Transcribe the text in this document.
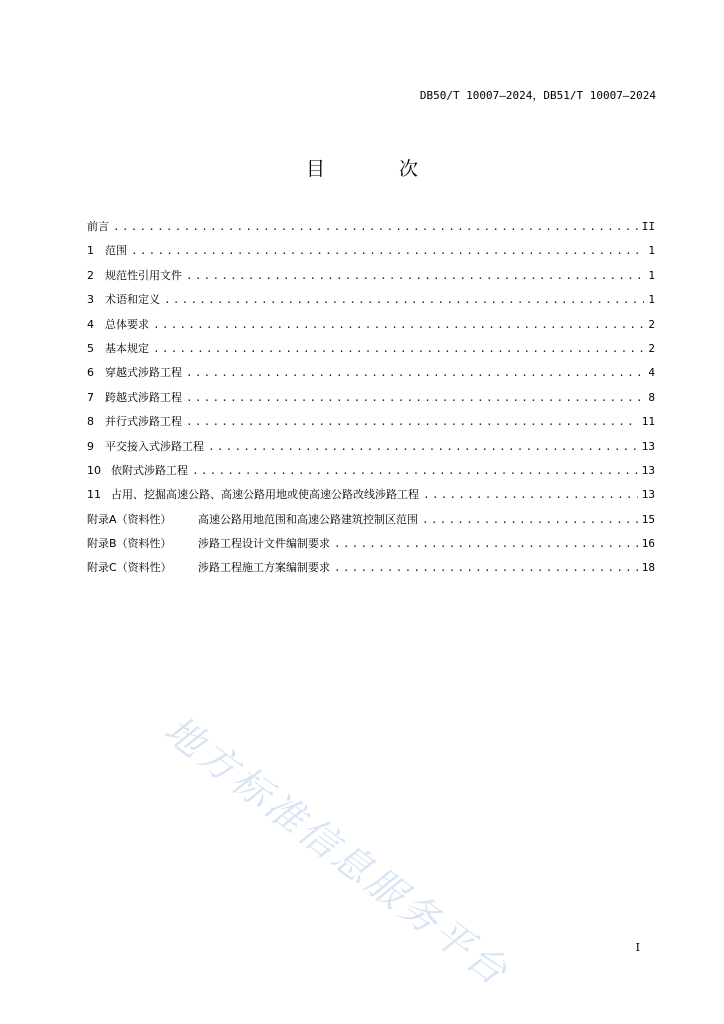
DB50/T 10007—2024，DB51/T 10007—2024
目 次
前言 .....	II
1 范围 .....	1
2 规范性引用文件 .....	1
3 术语和定义 .....	1
4 总体要求 .....	2
5 基本规定 .....	2
6 穿越式涉路工程 .....	4
7 跨越式涉路工程 .....	8
8 并行式涉路工程 .....	11
9 平交接入式涉路工程 .....	13
10 依附式涉路工程 .....	13
11 占用、挖掘高速公路、高速公路用地或使高速公路改线涉路工程 .....	13
附录A（资料性） 高速公路用地范围和高速公路建筑控制区范围 .....	15
附录B（资料性） 涉路工程设计文件编制要求 .....	16
附录C（资料性） 涉路工程施工方案编制要求 .....	18
地方标准信息服务平台	I
